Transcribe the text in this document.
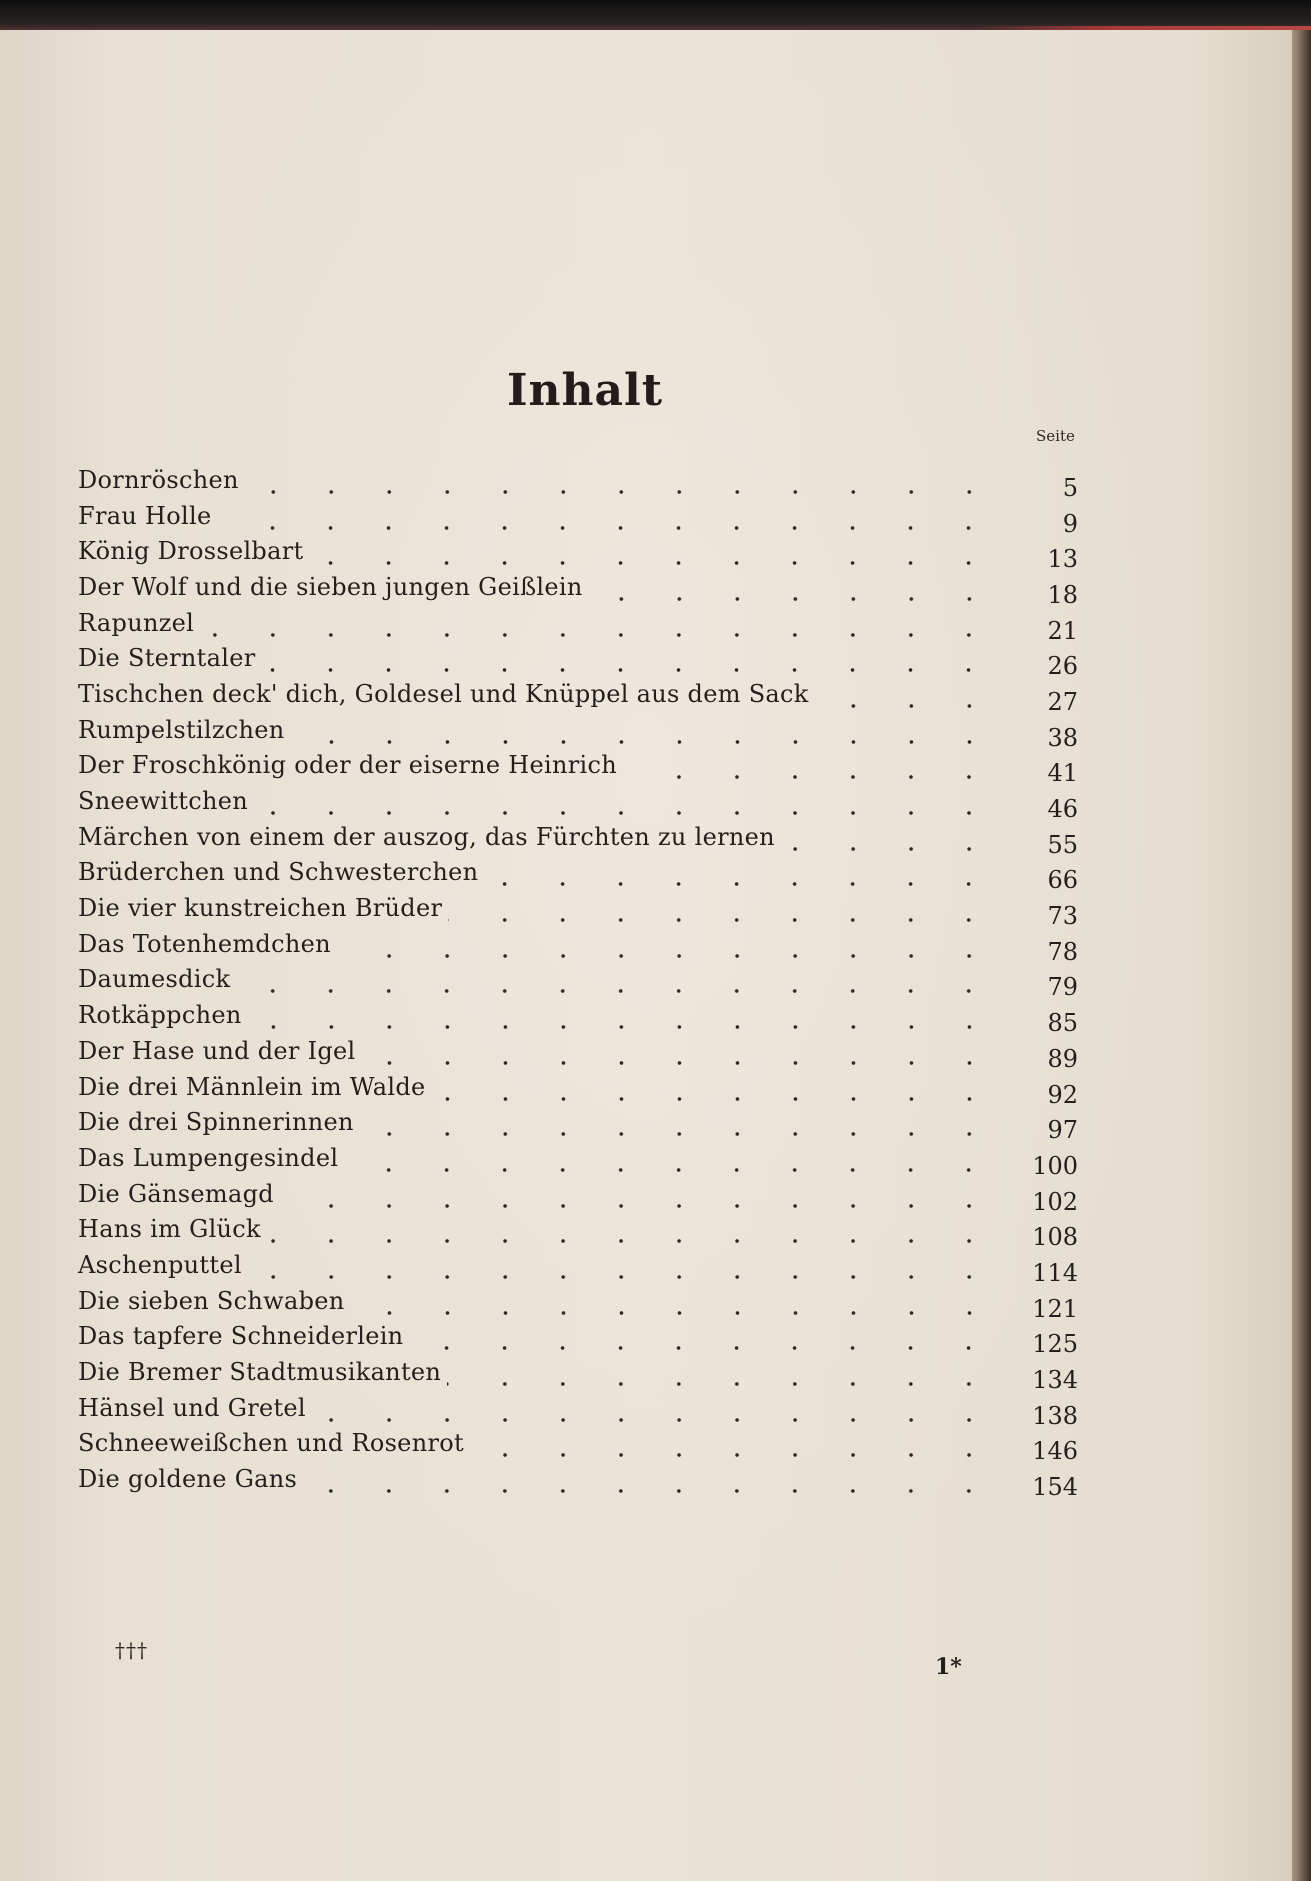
Inhalt
Seite
Dornröschen	5
Frau Holle	9
König Drosselbart	13
Der Wolf und die sieben jungen Geißlein	18
Rapunzel	21
Die Sterntaler	26
Tischchen deck' dich, Goldesel und Knüppel aus dem Sack	27
Rumpelstilzchen	38
Der Froschkönig oder der eiserne Heinrich	41
Sneewittchen	46
Märchen von einem der auszog, das Fürchten zu lernen	55
Brüderchen und Schwesterchen	66
Die vier kunstreichen Brüder	73
Das Totenhemdchen	78
Daumesdick	79
Rotkäppchen	85
Der Hase und der Igel	89
Die drei Männlein im Walde	92
Die drei Spinnerinnen	97
Das Lumpengesindel	100
Die Gänsemagd	102
Hans im Glück	108
Aschenputtel	114
Die sieben Schwaben	121
Das tapfere Schneiderlein	125
Die Bremer Stadtmusikanten	134
Hänsel und Gretel	138
Schneeweißchen und Rosenrot	146
Die goldene Gans	154
†††
1*
